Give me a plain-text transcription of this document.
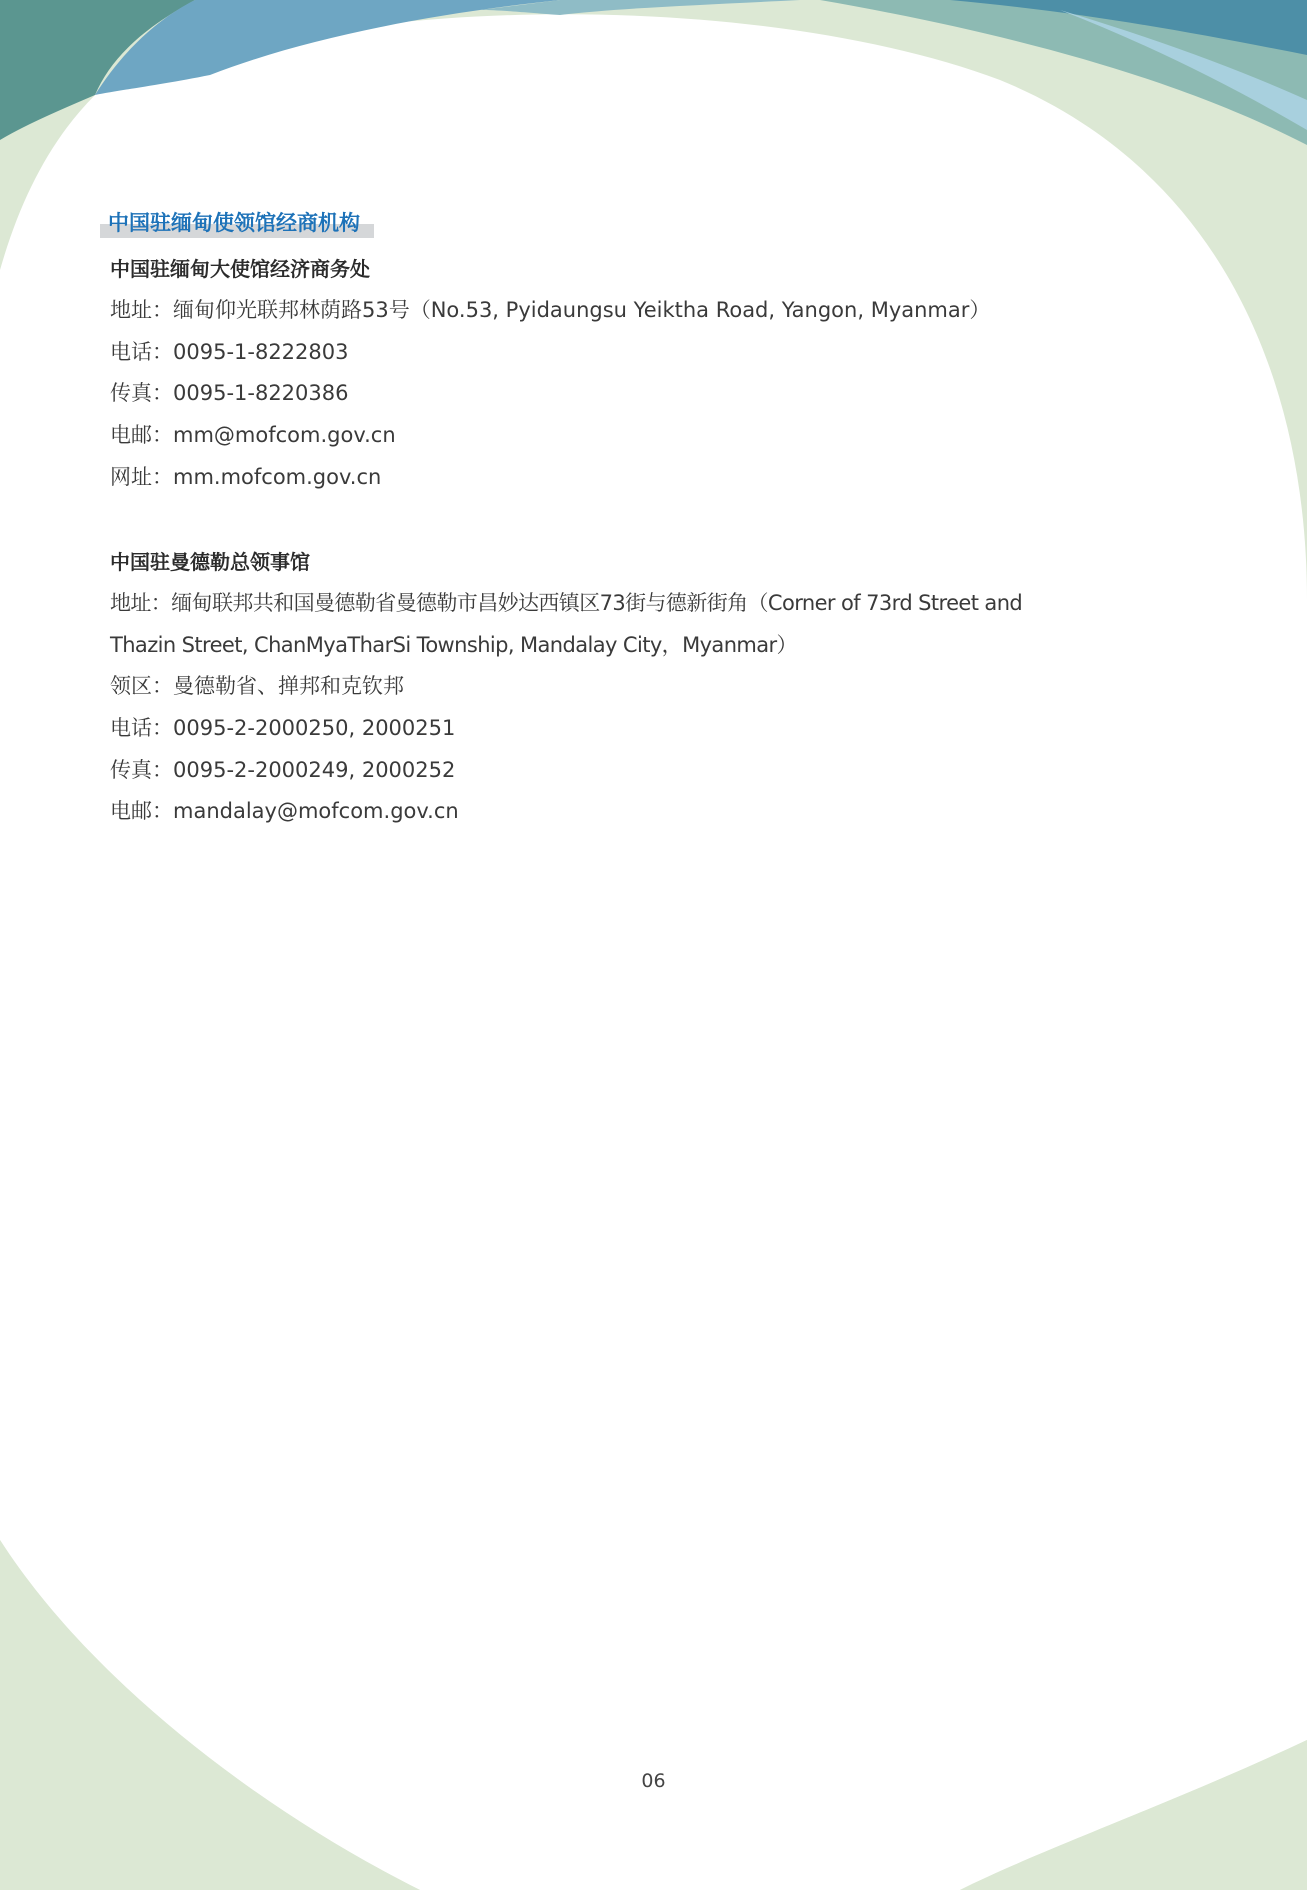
中国驻缅甸使领馆经商机构
中国驻缅甸大使馆经济商务处
地址：缅甸仰光联邦林荫路53号（No.53, Pyidaungsu Yeiktha Road, Yangon, Myanmar）
电话：0095-1-8222803
传真：0095-1-8220386
电邮：mm@mofcom.gov.cn
网址：mm.mofcom.gov.cn
中国驻曼德勒总领事馆
地址：缅甸联邦共和国曼德勒省曼德勒市昌妙达西镇区73街与德新街角（Corner of 73rd Street and
Thazin Street, ChanMyaTharSi Township, Mandalay City，Myanmar）
领区：曼德勒省、掸邦和克钦邦
电话：0095-2-2000250, 2000251
传真：0095-2-2000249, 2000252
电邮：mandalay@mofcom.gov.cn
06
